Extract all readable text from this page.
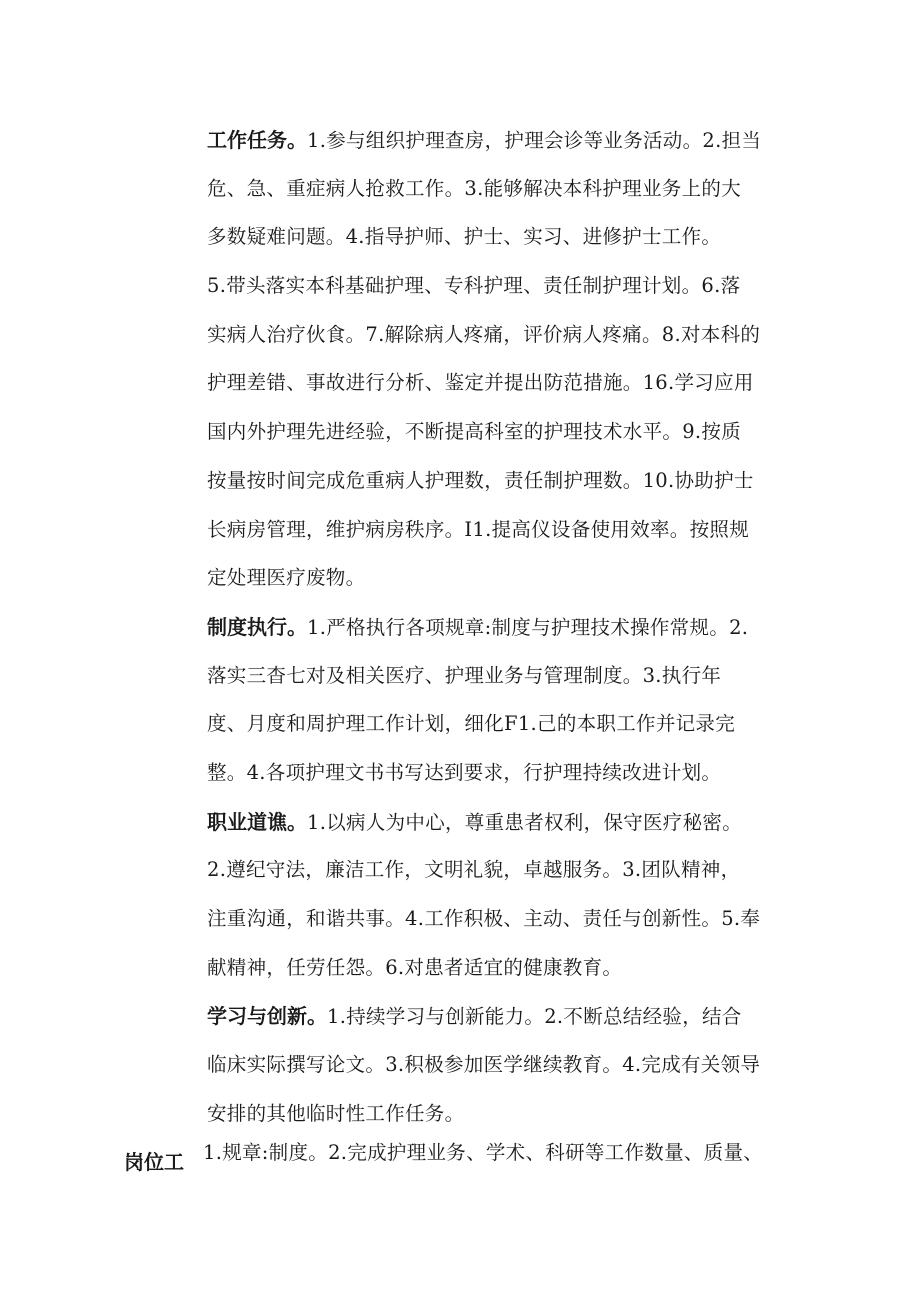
工作任务。1.参与组织护理查房，护理会诊等业务活动。2.担当
危、急、重症病人抢救工作。3.能够解决本科护理业务上的大
多数疑难问题。4.指导护师、护士、实习、进修护士工作。
5.带头落实本科基础护理、专科护理、责任制护理计划。6.落
实病人治疗伙食。7.解除病人疼痛，评价病人疼痛。8.对本科的
护理差错、事故进行分析、鉴定并提出防范措施。16.学习应用
国内外护理先进经验，不断提高科室的护理技术水平。9.按质
按量按时间完成危重病人护理数，责任制护理数。10.协助护士
长病房管理，维护病房秩序。I1.提高仪设备使用效率。按照规
定处理医疗废物。
制度执行。1.严格执行各项规章:制度与护理技术操作常规。2.
落实三杳七对及相关医疗、护理业务与管理制度。3.执行年
度、月度和周护理工作计划，细化F1.己的本职工作并记录完
整。4.各项护理文书书写达到要求，行护理持续改进计划。
职业道谯。1.以病人为中心，尊重患者权利，保守医疗秘密。
2.遵纪守法，廉洁工作，文明礼貌，卓越服务。3.团队精神，
注重沟通，和谐共事。4.工作积极、主动、责任与创新性。5.奉
献精神，任劳任怨。6.对患者适宜的健康教育。
学习与创新。1.持续学习与创新能力。2.不断总结经验，结合
临床实际撰写论文。3.积极参加医学继续教育。4.完成有关领导
安排的其他临时性工作任务。
岗位工 1.规章:制度。2.完成护理业务、学术、科研等工作数量、质量、
